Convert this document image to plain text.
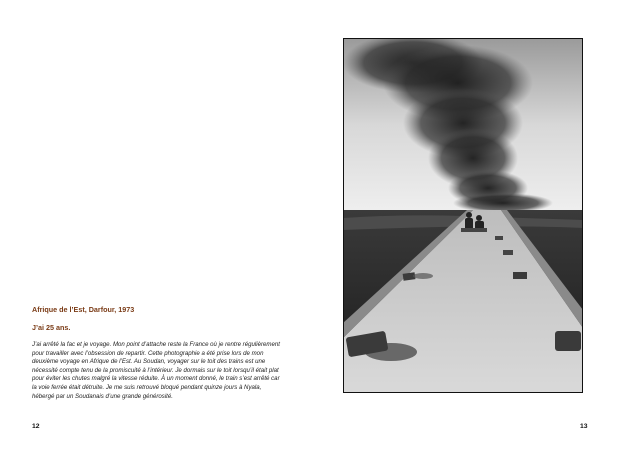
Afrique de l’Est, Darfour, 1973
J’ai 25 ans.
J’ai arrêté la fac et je voyage. Mon point d’attache reste la France où je rentre régulièrement pour travailler avec l’obsession de repartir. Cette photographie a été prise lors de mon deuxième voyage en Afrique de l’Est. Au Soudan, voyager sur le toit des trains est une nécessité compte tenu de la promiscuité à l’intérieur. Je dormais sur le toit lorsqu’il était plat pour éviter les chutes malgré la vitesse réduite. À un moment donné, le train s’est arrêté car la voie ferrée était détruite. Je me suis retrouvé bloqué pendant quinze jours à Nyala, hébergé par un Soudanais d’une grande générosité.
12	13
